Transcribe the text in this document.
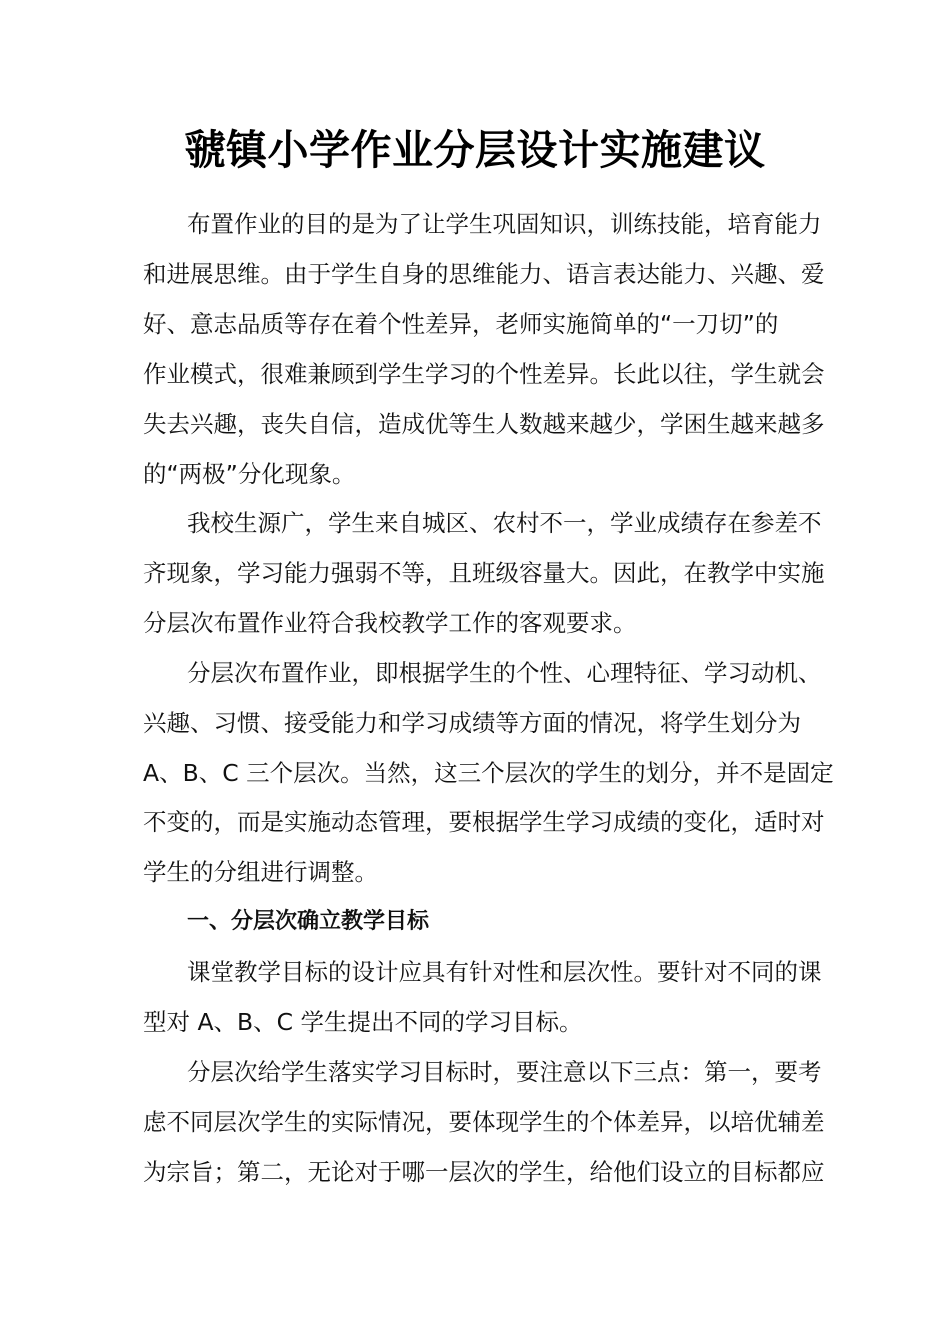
虢镇小学作业分层设计实施建议
布置作业的目的是为了让学生巩固知识，训练技能，培育能力
和进展思维。由于学生自身的思维能力、语言表达能力、兴趣、爱
好、意志品质等存在着个性差异，老师实施简单的“一刀切”的
作业模式，很难兼顾到学生学习的个性差异。长此以往，学生就会
失去兴趣，丧失自信，造成优等生人数越来越少，学困生越来越多
的“两极”分化现象。
我校生源广，学生来自城区、农村不一，学业成绩存在参差不
齐现象，学习能力强弱不等，且班级容量大。因此，在教学中实施
分层次布置作业符合我校教学工作的客观要求。
分层次布置作业，即根据学生的个性、心理特征、学习动机、
兴趣、习惯、接受能力和学习成绩等方面的情况，将学生划分为
A、B、C 三个层次。当然，这三个层次的学生的划分，并不是固定
不变的，而是实施动态管理，要根据学生学习成绩的变化，适时对
学生的分组进行调整。
一、分层次确立教学目标
课堂教学目标的设计应具有针对性和层次性。要针对不同的课
型对 A、B、C 学生提出不同的学习目标。
分层次给学生落实学习目标时，要注意以下三点：第一，要考
虑不同层次学生的实际情况，要体现学生的个体差异，以培优辅差
为宗旨；第二，无论对于哪一层次的学生，给他们设立的目标都应
